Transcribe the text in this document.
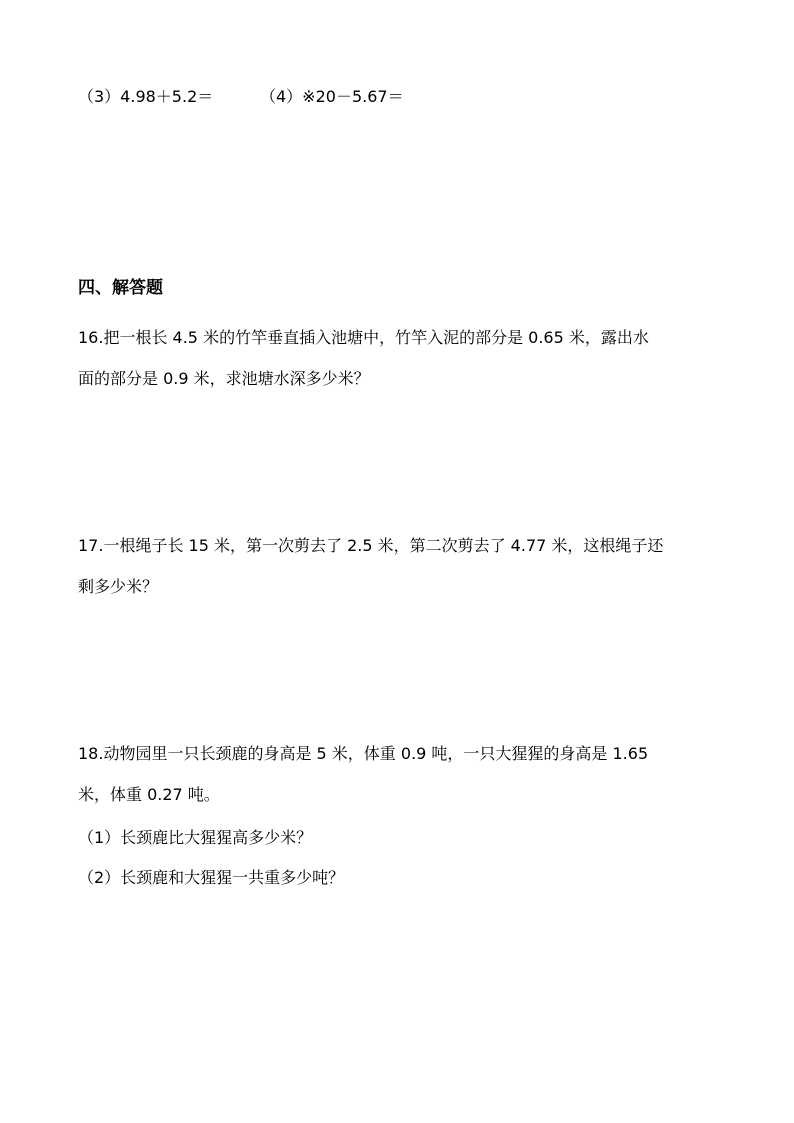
（3）4.98＋5.2＝	（4）※20－5.67＝
四、解答题
16.把一根长 4.5 米的竹竿垂直插入池塘中，竹竿入泥的部分是 0.65 米，露出水
面的部分是 0.9 米，求池塘水深多少米？
17.一根绳子长 15 米，第一次剪去了 2.5 米，第二次剪去了 4.77 米，这根绳子还
剩多少米？
18.动物园里一只长颈鹿的身高是 5 米，体重 0.9 吨，一只大猩猩的身高是 1.65
米，体重 0.27 吨。
（1）长颈鹿比大猩猩高多少米？
（2）长颈鹿和大猩猩一共重多少吨？
